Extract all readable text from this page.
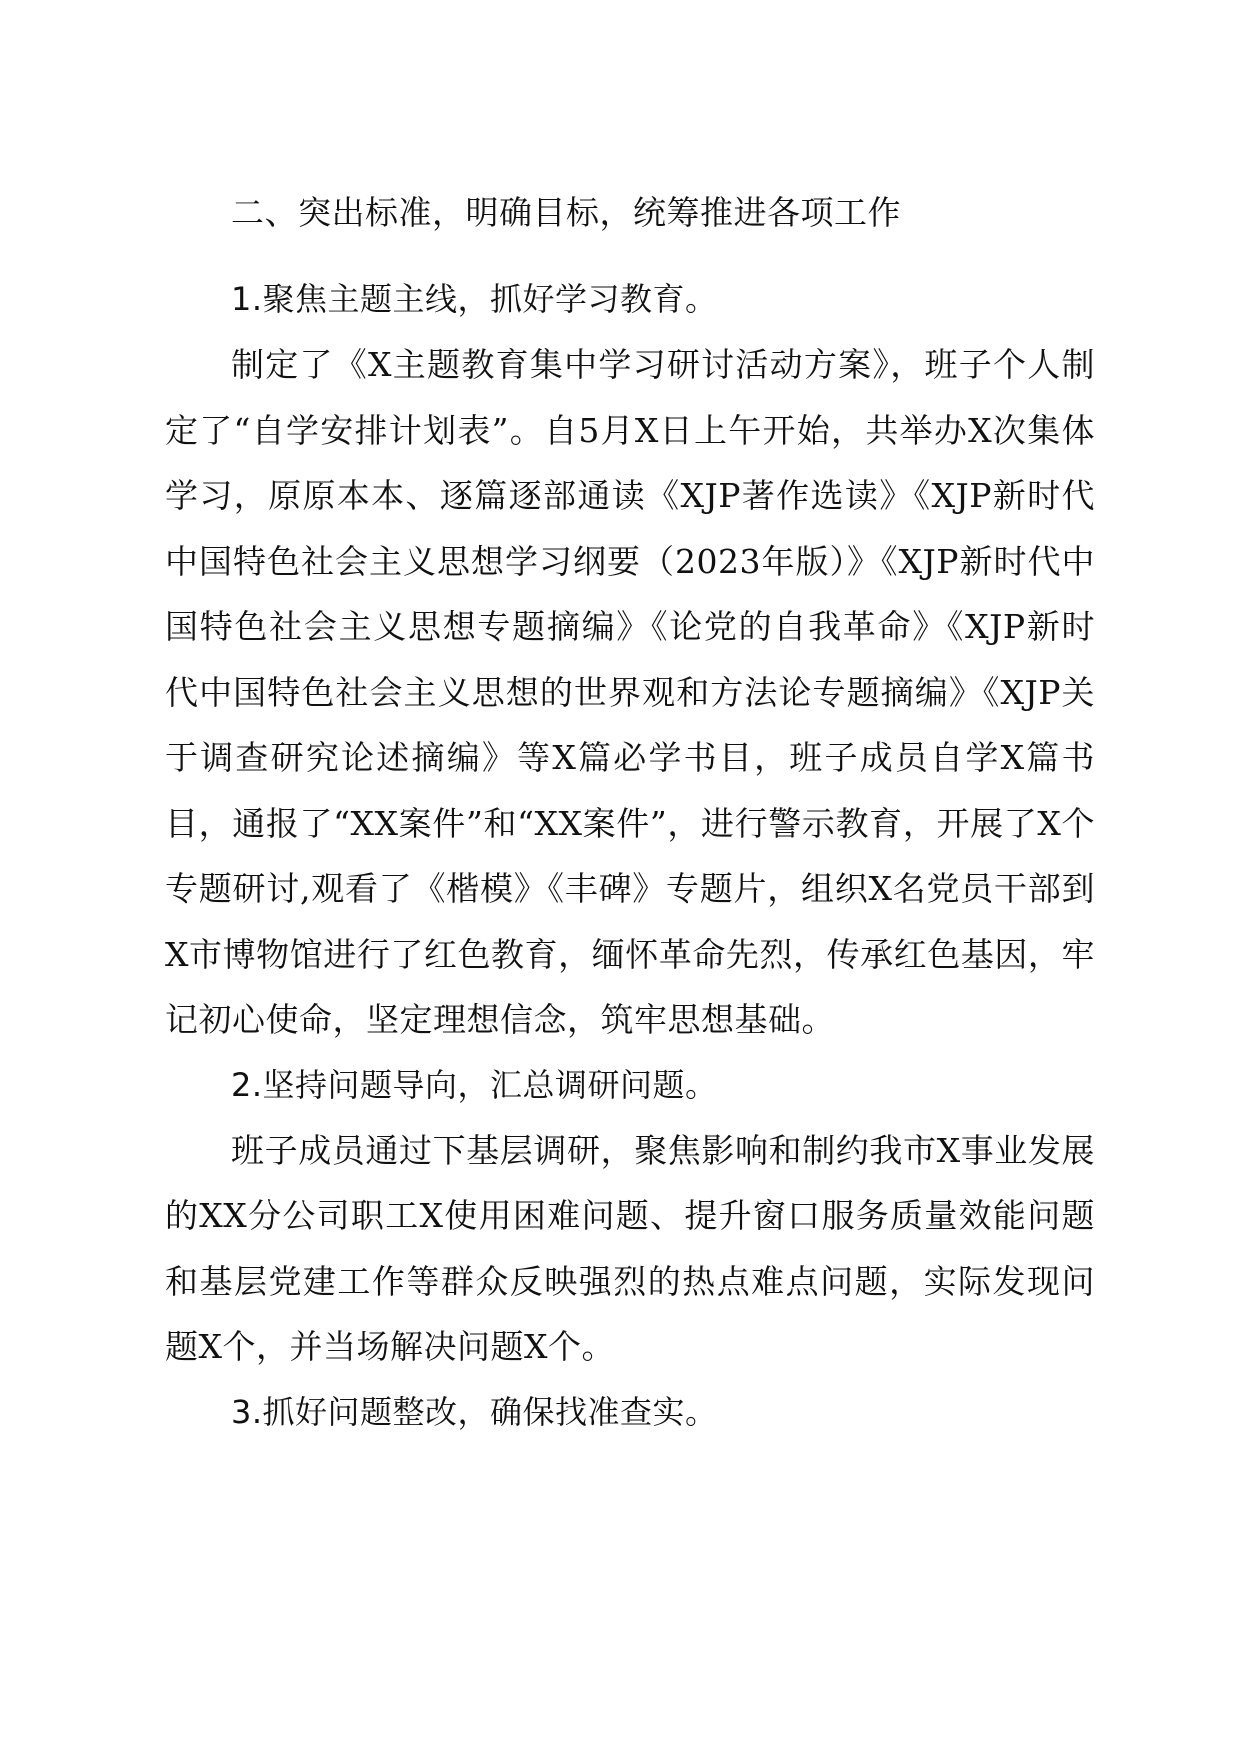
二、突出标准，明确目标，统筹推进各项工作

1.聚焦主题主线，抓好学习教育。

制定了《X主题教育集中学习研讨活动方案》，班子个人制定了“自学安排计划表”。自5月X日上午开始，共举办X次集体学习，原原本本、逐篇逐部通读《XJP著作选读》《XJP新时代中国特色社会主义思想学习纲要（2023年版）》《XJP新时代中国特色社会主义思想专题摘编》《论党的自我革命》《XJP新时代中国特色社会主义思想的世界观和方法论专题摘编》《XJP关于调查研究论述摘编》等X篇必学书目，班子成员自学X篇书目，通报了“XX案件”和“XX案件”，进行警示教育，开展了X个专题研讨,观看了《楷模》《丰碑》专题片，组织X名党员干部到X市博物馆进行了红色教育，缅怀革命先烈，传承红色基因，牢记初心使命，坚定理想信念，筑牢思想基础。

2.坚持问题导向，汇总调研问题。

班子成员通过下基层调研，聚焦影响和制约我市X事业发展的XX分公司职工X使用困难问题、提升窗口服务质量效能问题和基层党建工作等群众反映强烈的热点难点问题，实际发现问题X个，并当场解决问题X个。

3.抓好问题整改，确保找准查实。
